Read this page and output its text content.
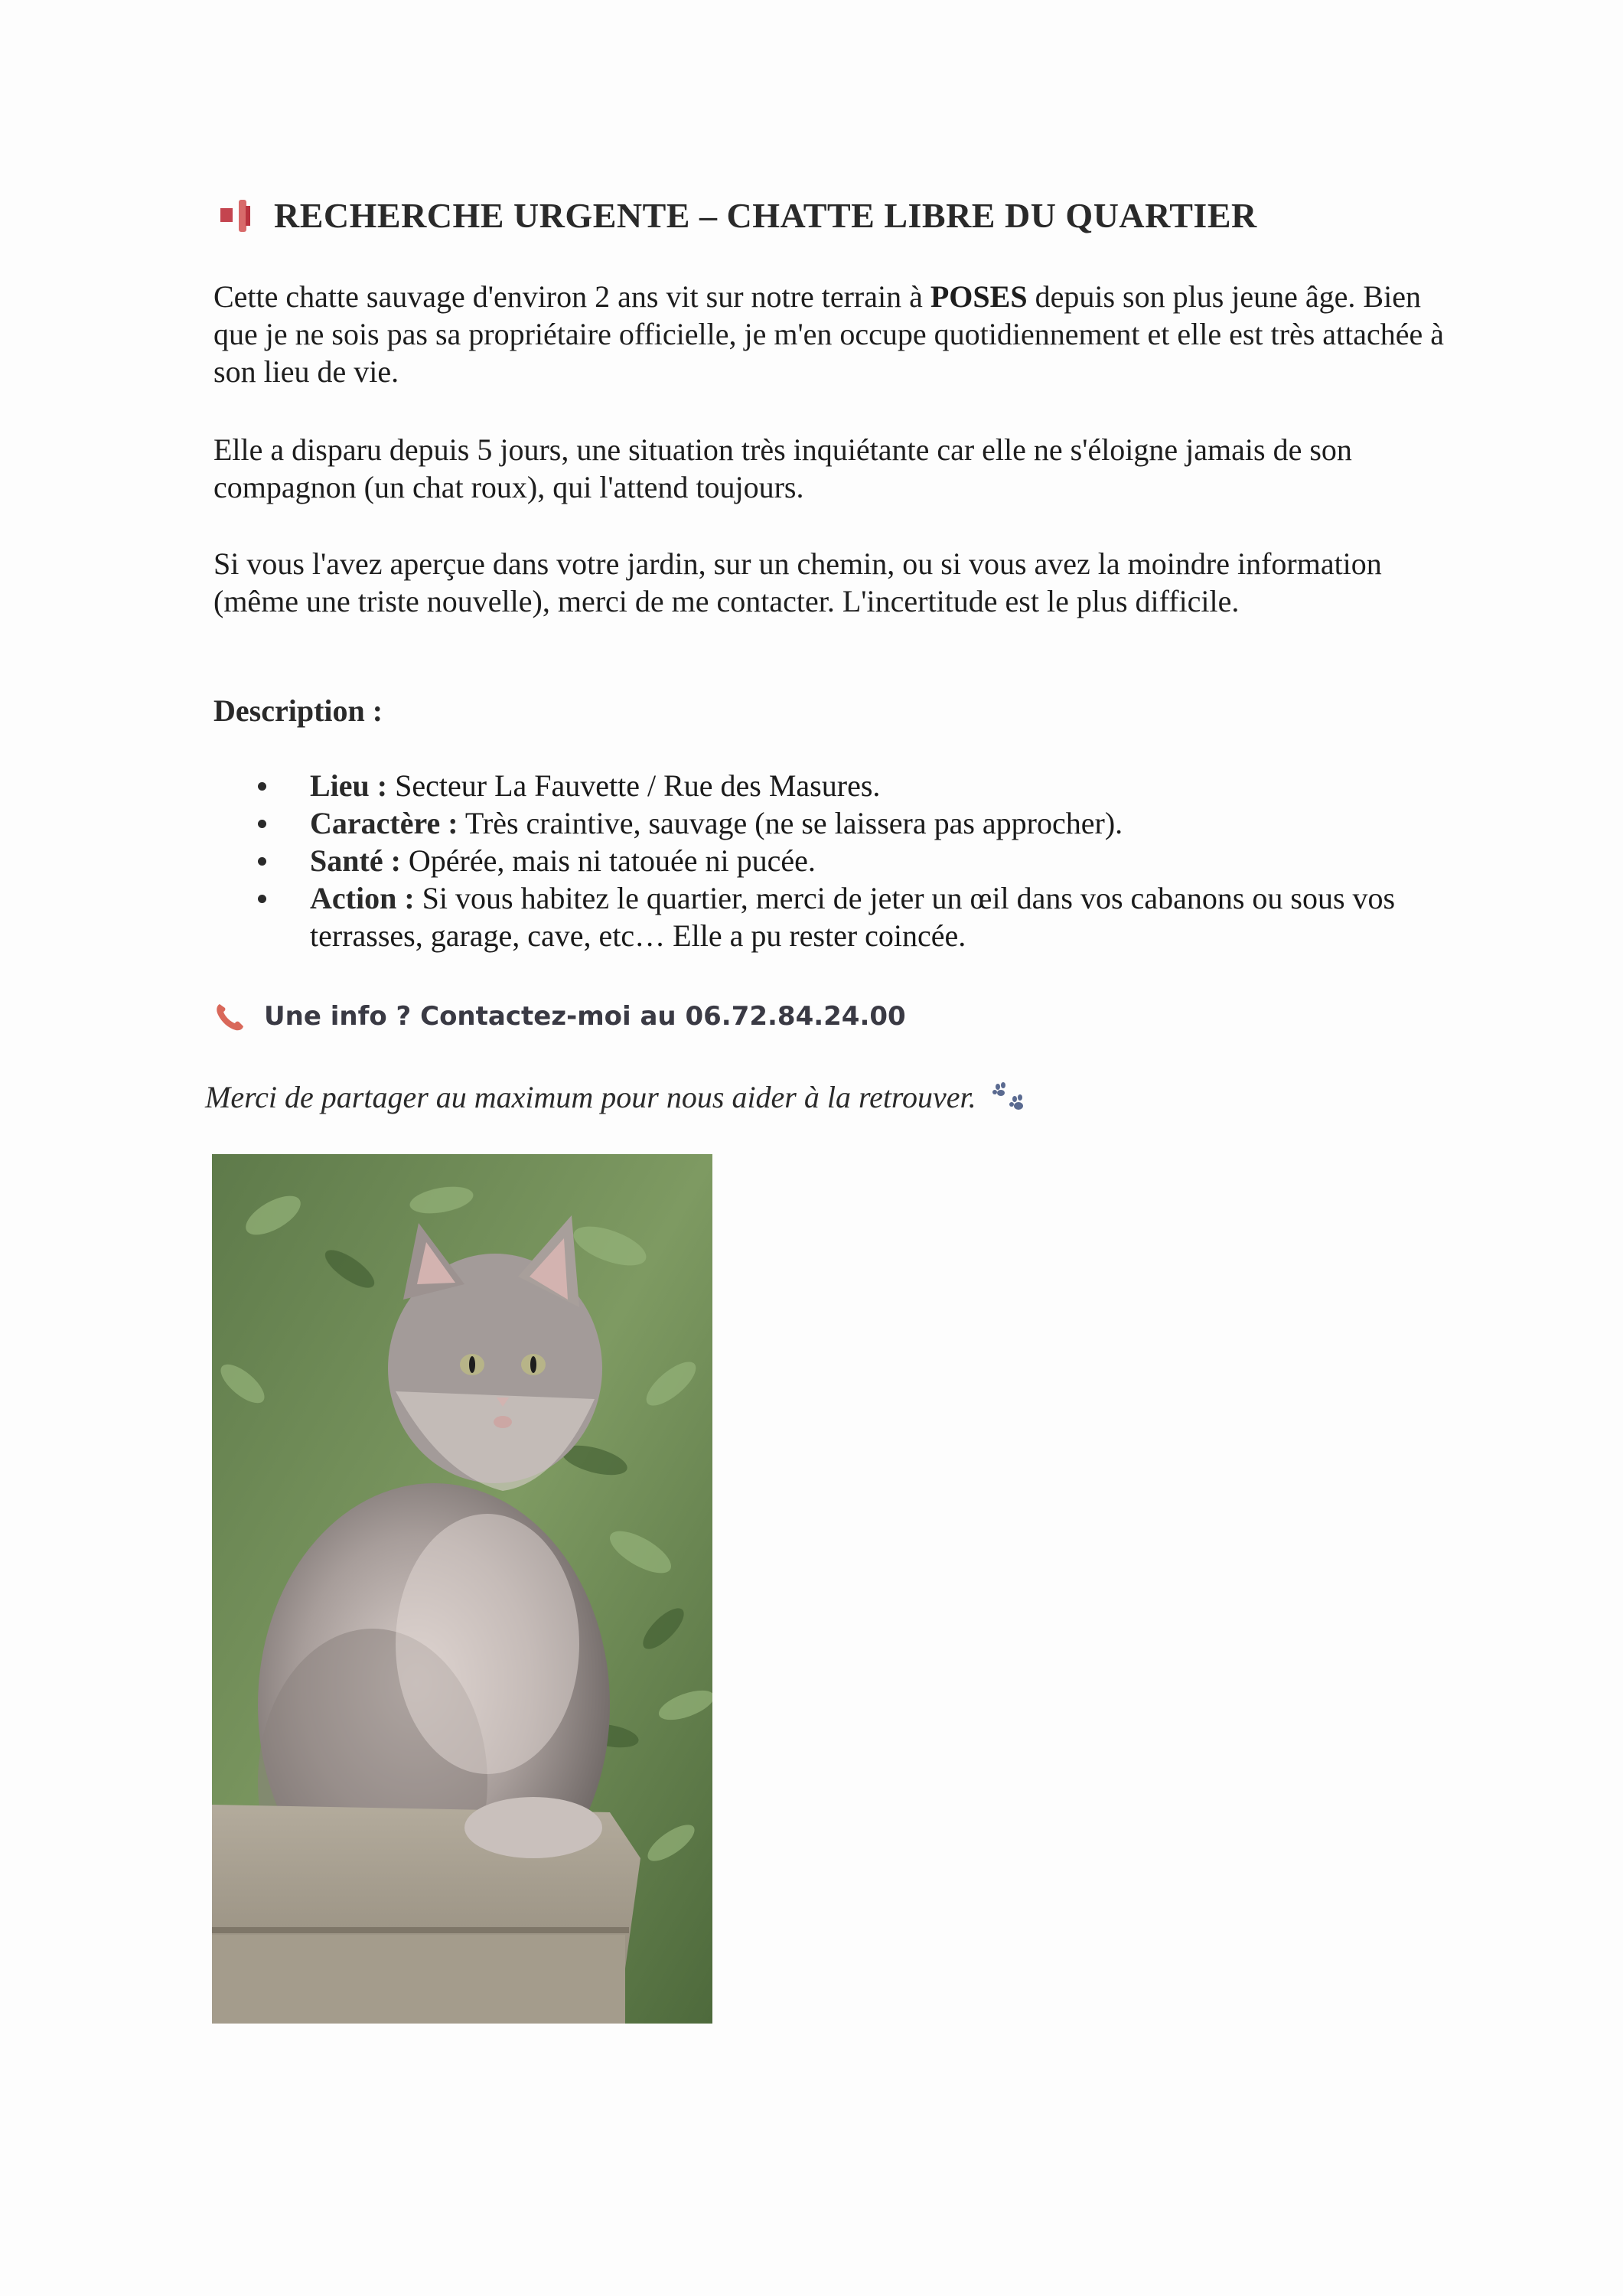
RECHERCHE URGENTE – CHATTE LIBRE DU QUARTIER
Cette chatte sauvage d'environ 2 ans vit sur notre terrain à POSES depuis son plus jeune âge. Bien que je ne sois pas sa propriétaire officielle, je m'en occupe quotidiennement et elle est très attachée à son lieu de vie.
Elle a disparu depuis 5 jours, une situation très inquiétante car elle ne s'éloigne jamais de son compagnon (un chat roux), qui l'attend toujours.
Si vous l'avez aperçue dans votre jardin, sur un chemin, ou si vous avez la moindre information (même une triste nouvelle), merci de me contacter. L'incertitude est le plus difficile.
Description :
Lieu : Secteur La Fauvette / Rue des Masures.
Caractère : Très craintive, sauvage (ne se laissera pas approcher).
Santé : Opérée, mais ni tatouée ni pucée.
Action : Si vous habitez le quartier, merci de jeter un œil dans vos cabanons ou sous vos terrasses, garage, cave, etc… Elle a pu rester coincée.
Une info ? Contactez-moi au 06.72.84.24.00
Merci de partager au maximum pour nous aider à la retrouver.
